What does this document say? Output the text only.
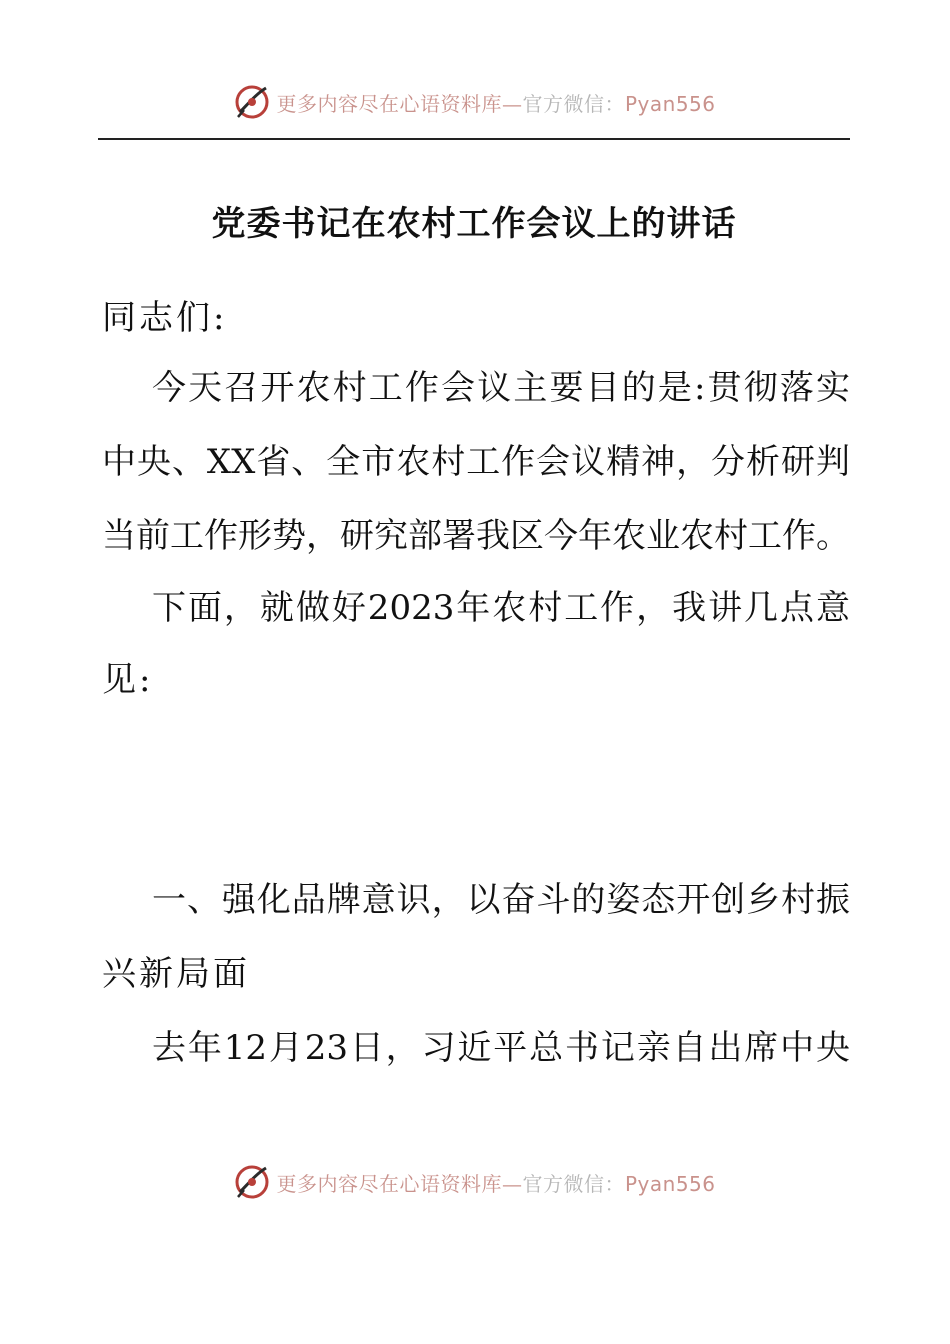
更多内容尽在心语资料库—官方微信：Pyan556
党委书记在农村工作会议上的讲话
同志们:
今天召开农村工作会议主要目的是:贯彻落实
中央、XX省、全市农村工作会议精神，分析研判
当前工作形势，研究部署我区今年农业农村工作。
下面，就做好2023年农村工作，我讲几点意
见:
一、强化品牌意识，以奋斗的姿态开创乡村振
兴新局面
去年12月23日，习近平总书记亲自出席中央
更多内容尽在心语资料库—官方微信：Pyan556
